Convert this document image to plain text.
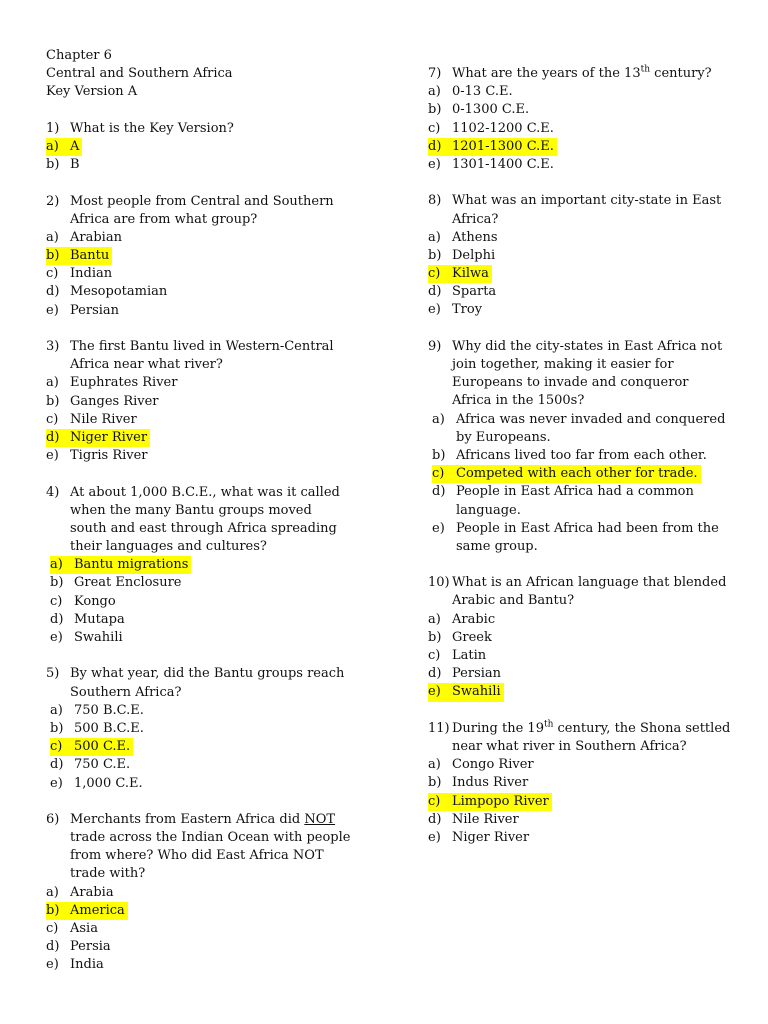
Chapter 6
Central and Southern Africa
Key Version A
1) What is the Key Version?
a) A
b) B
2) Most people from Central and Southern
Africa are from what group?
a) Arabian
b) Bantu
c) Indian
d) Mesopotamian
e) Persian
3) The first Bantu lived in Western-Central
Africa near what river?
a) Euphrates River
b) Ganges River
c) Nile River
d) Niger River
e) Tigris River
4) At about 1,000 B.C.E., what was it called
when the many Bantu groups moved
south and east through Africa spreading
their languages and cultures?
a) Bantu migrations
b) Great Enclosure
c) Kongo
d) Mutapa
e) Swahili
5) By what year, did the Bantu groups reach
Southern Africa?
a) 750 B.C.E.
b) 500 B.C.E.
c) 500 C.E.
d) 750 C.E.
e) 1,000 C.E.
6) Merchants from Eastern Africa did NOT
trade across the Indian Ocean with people
from where? Who did East Africa NOT
trade with?
a) Arabia
b) America
c) Asia
d) Persia
e) India
7) What are the years of the 13th century?
a) 0-13 C.E.
b) 0-1300 C.E.
c) 1102-1200 C.E.
d) 1201-1300 C.E.
e) 1301-1400 C.E.
8) What was an important city-state in East
Africa?
a) Athens
b) Delphi
c) Kilwa
d) Sparta
e) Troy
9) Why did the city-states in East Africa not
join together, making it easier for
Europeans to invade and conqueror
Africa in the 1500s?
a) Africa was never invaded and conquered
by Europeans.
b) Africans lived too far from each other.
c) Competed with each other for trade.
d) People in East Africa had a common
language.
e) People in East Africa had been from the
same group.
10) What is an African language that blended
Arabic and Bantu?
a) Arabic
b) Greek
c) Latin
d) Persian
e) Swahili
11) During the 19th century, the Shona settled
near what river in Southern Africa?
a) Congo River
b) Indus River
c) Limpopo River
d) Nile River
e) Niger River
